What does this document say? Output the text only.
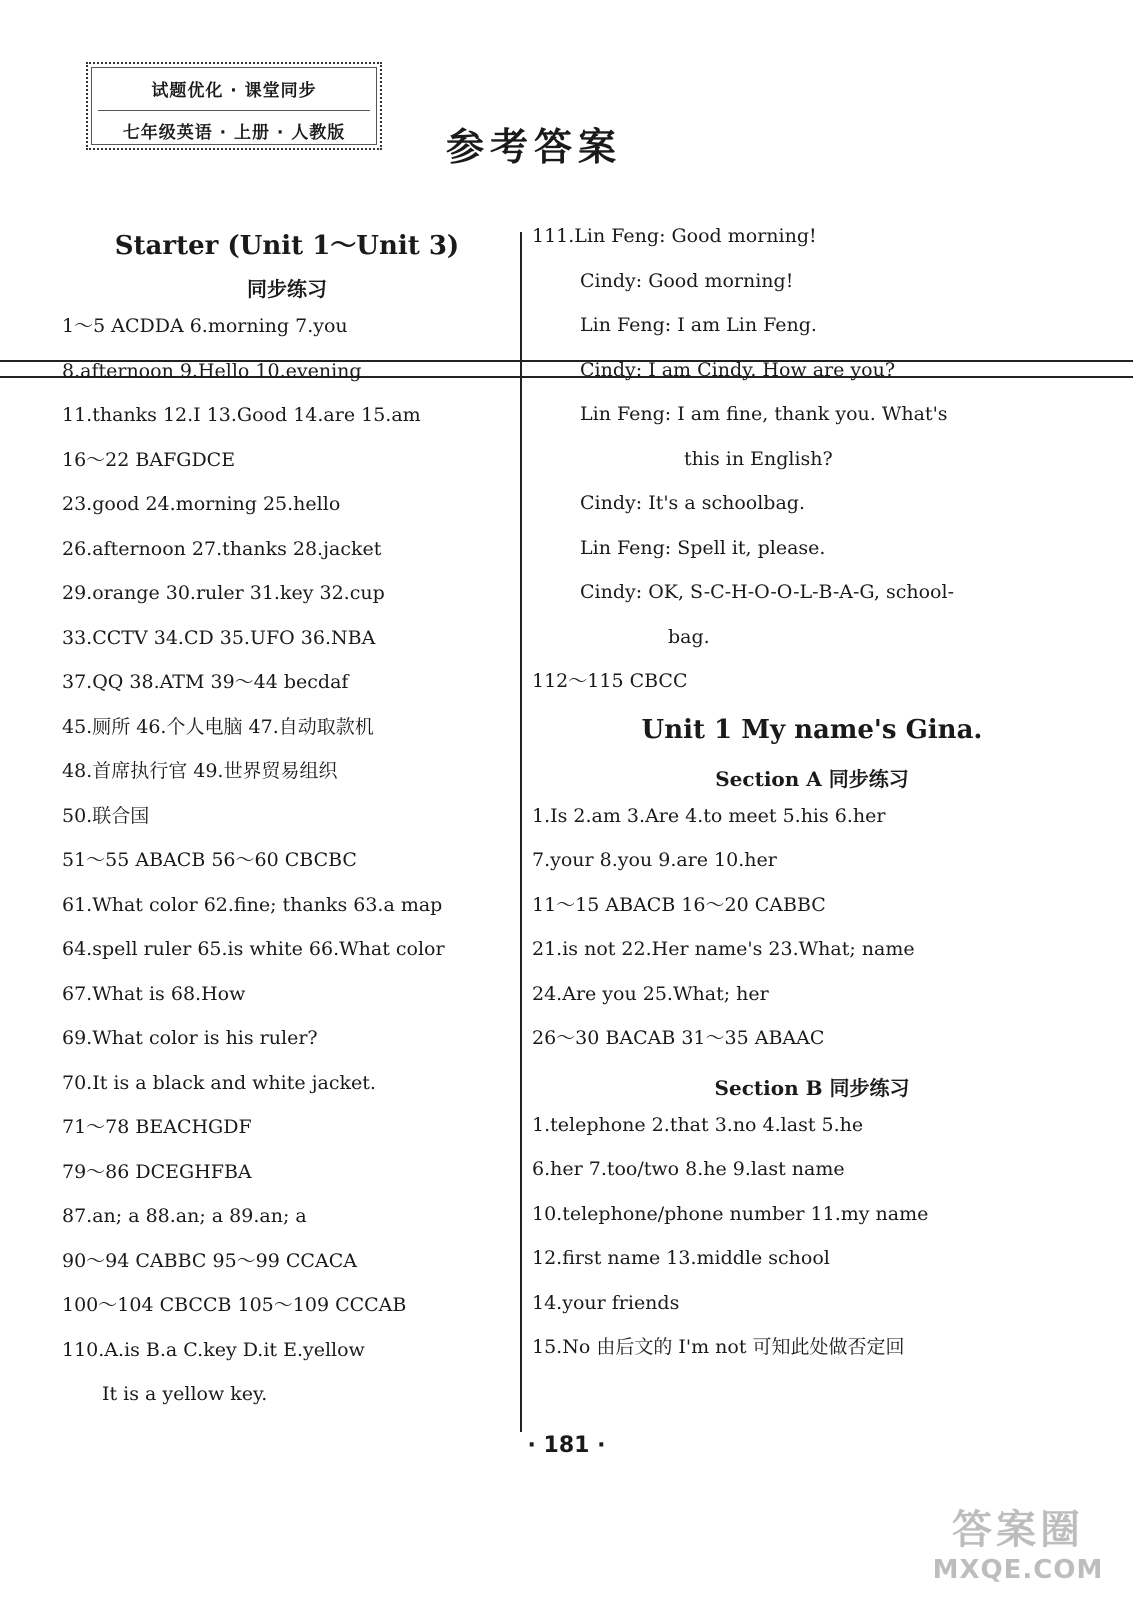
试题优化 · 课堂同步
七年级英语 · 上册 · 人教版	参考答案
Starter (Unit 1～Unit 3)
同步练习
1～5 ACDDA 6.morning 7.you
8.afternoon 9.Hello 10.evening
11.thanks 12.I 13.Good 14.are 15.am
16～22 BAFGDCE
23.good 24.morning 25.hello
26.afternoon 27.thanks 28.jacket
29.orange 30.ruler 31.key 32.cup
33.CCTV 34.CD 35.UFO 36.NBA
37.QQ 38.ATM 39～44 becdaf
45.厕所 46.个人电脑 47.自动取款机
48.首席执行官 49.世界贸易组织
50.联合国
51～55 ABACB 56～60 CBCBC
61.What color 62.fine; thanks 63.a map
64.spell ruler 65.is white 66.What color
67.What is 68.How
69.What color is his ruler?
70.It is a black and white jacket.
71～78 BEACHGDF
79～86 DCEGHFBA
87.an; a 88.an; a 89.an; a
90～94 CABBC 95～99 CCACA
100～104 CBCCB 105～109 CCCAB
110.A.is B.a C.key D.it E.yellow
It is a yellow key.
111.Lin Feng: Good morning!
Cindy: Good morning!
Lin Feng: I am Lin Feng.
Cindy: I am Cindy. How are you?
Lin Feng: I am fine, thank you. What's
this in English?
Cindy: It's a schoolbag.
Lin Feng: Spell it, please.
Cindy: OK, S-C-H-O-O-L-B-A-G, school-
bag.
112～115 CBCC
Unit 1 My name's Gina.
Section A 同步练习
1.Is 2.am 3.Are 4.to meet 5.his 6.her
7.your 8.you 9.are 10.her
11～15 ABACB 16～20 CABBC
21.is not 22.Her name's 23.What; name
24.Are you 25.What; her
26～30 BACAB 31～35 ABAAC
Section B 同步练习
1.telephone 2.that 3.no 4.last 5.he
6.her 7.too/two 8.he 9.last name
10.telephone/phone number 11.my name
12.first name 13.middle school
14.your friends
15.No 由后文的 I'm not 可知此处做否定回
· 181 ·
答案圈
MXQE.COM
